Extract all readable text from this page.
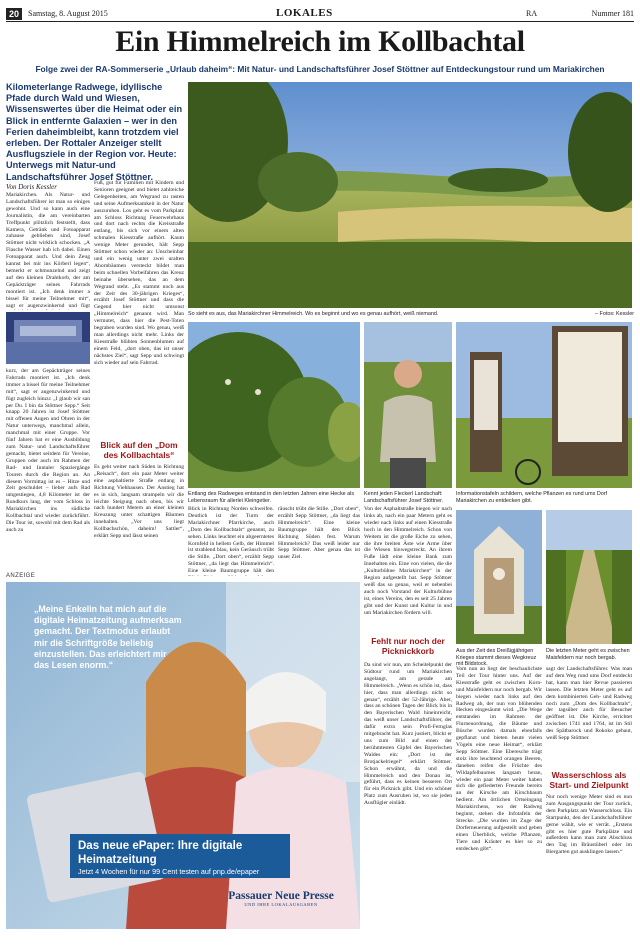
20	Samstag, 8. August 2015	LOKALES	RA	Nummer 181
Ein Himmelreich im Kollbachtal
Folge zwei der RA-Sommerserie „Urlaub daheim“: Mit Natur- und Landschaftsführer Josef Stöttner auf Entdeckungstour rund um Mariakirchen
Kilometerlange Radwege, idyllische Pfade durch Wald und Wiesen, Wissenswertes über die Heimat oder ein Blick in entfernte Galaxien – wer in den Ferien daheimbleibt, kann trotzdem viel erleben. Der Rottaler Anzeiger stellt Ausflugsziele in der Region vor. Heute: Unterwegs mit Natur-und Landschaftsführer Josef Stöttner.
Von Doris Kessler
Mariakirchen. Als Natur- und Landschaftsführer ist man so einiges gewohnt. Und so kann auch eine Journalistin, die am vereinbarten Treffpunkt plötzlich feststellt, dass Kamera, Getränk und Fotoapparat zuhause geblieben sind, Josef Stöttner nicht wirklich schocken. „A Flasche Wasser hab ich dabei. Einen Fotoapparat auch. Und dein Zeug kannst bei mir ins Körberl legen“, bemerkt er schmunzelnd und zeigt auf den kleinen Drahtkorb, der am Gepäckträger seines Fahrrads montiert ist. „Ich denk immer a bissel für meine Teilnehmer mit“, sagt er augenzwinkernd und fügt

kurz, der am Gepäckträger seines Fahrrads montiert ist. „Ich denk immer a bissel für meine Teilnehmer mit“, sagt er augenzwinkernd und fügt zugleich hinzu: „I glaub wir san per Du. I bin da Stöttner Sepp.“ Seit knapp 20 Jahren ist Josef Stöttner mit offenen Augen und Ohren in der Natur unterwegs, manchmal allein, manchmal mit einer Gruppe. Vor fünf Jahren hat er eine Ausbildung zum Natur- und Landschaftsführer gemacht, bietet seitdem für Vereine, Gruppen oder auch im Rahmen der Rad- und Inntaler Spaziergänge Touren durch die Region an. An diesem Vormittag ist es – Hitze und Zeit geschuldet – lieber aufs Rad umgestiegen, 4,8 Kilometer ist der Rundkurs lang, der vom Schloss in Mariakirchen ins südliche Kollbachtal und wieder zurückführt. Die Tour ist, sowohl mit dem Rad als auch zu

Fuß, gut für Familien mit Kindern und Senioren geeignet und bietet zahlreiche Gelegenheiten, am Wegrand zu rasten und seine Aufmerksamkeit in der Natur auszuruhen. Los geht es vom Parkplatz am Schloss Richtung Feuerwehrhaus und dort nach rechts die Kreisstraße entlang, bis sich vor einem alten schmalen Kiesstraße aufhört. Kaum wenige Meter gerundet, hält Sepp Stöttner schon wieder an: Unscheinbar und ein wenig unter zwei uralten Ahornbäumen versteckt bildet man beim schnellen Vorbeifahren das Kreuz beinahe übersehen, das an dem Wegrand steht. „Es stammt noch aus der Zeit des 30-jährigen Krieges“, erzählt Josef Stöttner und dass die Gegend hier nicht umsonst „Himmelreich“ genannt wird. Man vermutet, dass hier die Pest-Toten begraben wurden sind. Wo genau, weiß man allerdings nicht mehr. Links der Kiesstraße blühten Sonnenblumen auf einem Feld, „dort oben, das ist unser nächstes Ziel“, sagt Sepp und schwingt sich wieder auf sein Fahrrad.
Blick auf den „Dom des Kollbachtals“
Es geht weiter nach Süden in Richtung „Reisach“, dort ein paar Meter weiter eine asphaltierte Straße entlang in Richtung Viehhausen. Der Anstieg hat es in sich, langsam strampeln wir die leichte Steigung nach oben, bis wir nach hundert Metern an einer kleinen Kreuzung unter schattigen Bäumen innehalten. „Vor uns liegt Kollbachschön, daheim! Sattler“, erklärt Sepp und lässt seinen
So sieht es aus, das Mariakirchner Himmelreich. Wo es beginnt und wo es genau aufhört, weiß niemand.	– Fotos: Kessler
Entlang des Radweges entstand in den letzten Jahren eine Hecke als Lebensraum für allerlei Kleingetier.
Kennt jeden Fleckerl Landschaft: Landschaftsführer Josef Stöttner.
Informationstafeln schildern, welche Pflanzen es rund ums Dorf Mariakirchen zu entdecken gibt.
Blick in Richtung Norden schweifen. Deutlich ist der Turm der Mariakirchner Pfarrkirche, auch „Dom des Kollbachtals“ genannt, zu sehen. Links leuchtet ein abgeerntetes Kornfeld in hellem Gelb, der Himmel ist strahlend blau, kein Geräusch trübt die Stille. „Dort oben“, erzählt Sepp Stöttner, „da liegt das Himmelreich“. Eine kleine Baumgruppe hält den

räuscht trübt die Stille. „Dort oben“, erzählt Sepp Stöttner, „da liegt das Himmelreich“. Eine kleine Baumgruppe hält den Blick Richtung Süden fest. Warum Himmelreich? Das weiß leider nur Sepp Stöttner. Aber genau das ist unser Ziel.

Von der Asphaltstraße biegen wir nach links ab, nach ein paar Metern geht es wieder nach links auf einen Kiesstraße hoch in den Himmelreich. Schon von Weitem ist die große Eiche zu sehen, die ihre breiten Äste wie Arme über die Wiesen hinwegstreckt. An ihrem Fuße lädt eine kleine Bank zum Innehalten ein. Eine von vielen, die die „Kulturbühne Mariakirchen“ in der Region aufgestellt hat. Sepp Stöttner weiß das so genau, weil er nebenbei auch noch Vorstand der Kulturbühne ist, eines Vereins, den es seit 25 Jahren gibt und der Kunst und Kultur in und um Mariakirchen fördern will.
Fehlt nur noch der Picknickkorb
Da sind wir nun, am Scheitelpunkt der Südtour rund um Mariakirchen angelangt, am gerade am Himmelreich. „Wenn es schön ist, dass hier, dass man allerdings nicht so genau“, erzählt der 52-Jährige. Aber, dass an schönen Tagen der Blick bis in den Bayerischen Wald hineinreicht, das weiß unser Landschaftsführer, der dafür extra sein Profi-Fernglas mitgebracht hat. Kurz justiert, blickt er uns zum Bild auf einen der berühmtesten Gipfel des Bayerischen Waldes ein: „Dort ist der Brotjackelriegel“ erklärt Stöttner. Schon erwähnt, da und die Himmelreich und den Donau ist, geführt, dass es keinen besseren Ort für ein Picknick gibt. Und ein schöner Platz zum Ausruhen ist, wo sie jeden Ausflügler einlädt.
Aus der Zeit des Dreißigjährigen Krieges stammt dieses Wegkreuz mit Bildstock.
Die letzten Meter geht es zwischen Maisfeldern nur noch bergab.
Vom nun an liegt der beschaulichste Teil der Tour hinter uns. Auf der Kiesstraße geht es zwischen Korn- und Maisfeldern nur noch bergab. Wir biegen wieder nach links auf den Radweg ab, der nun von blühenden Hecken eingesäumt wird. „Die Wege entstanden im Rahmen der Flurneuordnung, die Bäume und Büsche wurden damals ebenfalls gepflanzt und bieten heute vielen Vögeln eine neue Heimat“, erklärt Sepp Stöttner. Eine Eberesche trägt stolz ihre leuchtend orangen Beeren, daneben reifen die Früchte des Wildapfelbaumes langsam heran, wieder ein paar Meter weiter haben sich die gefiederten Freunde bereits an der Kirsche am Kirschbaum bedient. Am örtlichen Ortseingang Mariakirchens, wo der Radweg beginnt, stehen die Infotafeln der Strecke. „Die wurden im Zuge der Dorferneuerung aufgestellt und geben einen Überblick, welche Pflanzen, Tiere und Kräuter es hier so zu entdecken gibt“.
sagt der Landschaftsführer. Was man auf dem Weg rund ums Dorf entdeckt hat, kann man hier Revue passieren lassen. Die letzten Meter geht es auf dem kombinierten Geh- und Radweg noch zum „Dom des Kollbachtals“, der tagsüber auch für Besucher geöffnet ist. Die Kirche, errichtet zwischen 1741 und 1764, ist im Stil des Spätbarock und Rokoko gebaut, weiß Sepp Stöttner.
Wasserschloss als Start- und Zielpunkt
Nur noch wenige Meter sind es nun zum Ausgangspunkt der Tour zurück, dem Parkplatz am Wasserschloss. Ein Startpunkt, den der Landschaftsführer gerne wählt, wie er verrät. „Erstens gibt es hier gute Parkplätze und außerdem kann man zum Abschluss den Tag im Bräustüberl oder im Biergarten gut ausklingen lassen.“
ANZEIGE
„Meine Enkelin hat mich auf die digitale Heimatzeitung aufmerksam gemacht. Der Textmodus erlaubt mir die Schriftgröße beliebig einzustellen. Das erleichtert mir das Lesen enorm.“
Das neue ePaper: Ihre digitale Heimatzeitung
Jetzt 4 Wochen für nur 99 Cent testen auf pnp.de/epaper
Passauer Neue Presse
UND IHRE LOKALAUSGABEN
